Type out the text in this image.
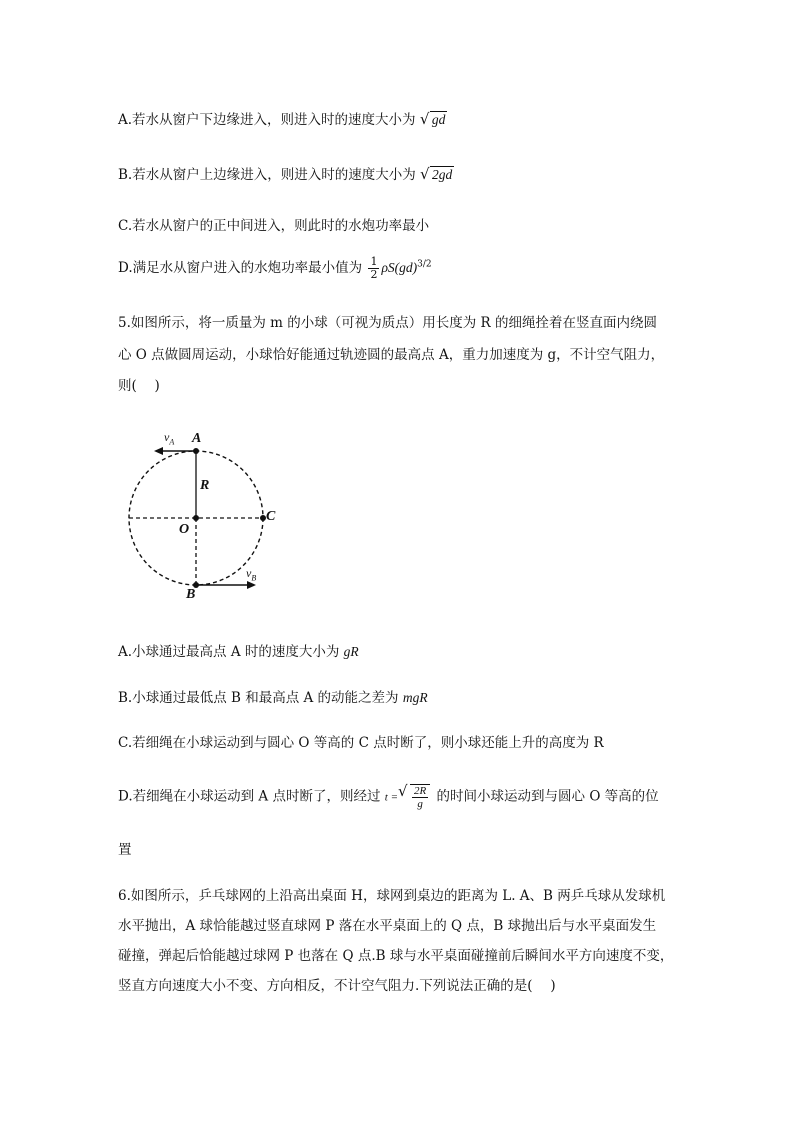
A.若水从窗户下边缘进入，则进入时的速度大小为 √ gd
B.若水从窗户上边缘进入，则进入时的速度大小为 √ 2gd
C.若水从窗户的正中间进入，则此时的水炮功率最小
D.满足水从窗户进入的水炮功率最小值为 $\frac{1}{2} \rho S(gd)^{3/2}$
5.如图所示，将一质量为 m 的小球（可视为质点）用长度为 R 的细绳拴着在竖直面内绕圆
心 O 点做圆周运动，小球恰好能通过轨迹圆的最高点 A，重力加速度为 g，不计空气阻力，
则(　 )
A
B
C
O
R
$v_A$
$v_B$
A.小球通过最高点 A 时的速度大小为 gR
B.小球通过最低点 B 和最高点 A 的动能之差为 mgR
C.若细绳在小球运动到与圆心 O 等高的 C 点时断了，则小球还能上升的高度为 R
D.若细绳在小球运动到 A 点时断了，则经过 t =
√ $\frac{2R}{g}$ 的时间小球运动到与圆心 O 等高的位
置
6.如图所示，乒乓球网的上沿高出桌面 H，球网到桌边的距离为 L. A、B 两乒乓球从发球机
水平抛出，A 球恰能越过竖直球网 P 落在水平桌面上的 Q 点，B 球抛出后与水平桌面发生
碰撞，弹起后恰能越过球网 P 也落在 Q 点.B 球与水平桌面碰撞前后瞬间水平方向速度不变，
竖直方向速度大小不变、方向相反，不计空气阻力.下列说法正确的是(　 )
